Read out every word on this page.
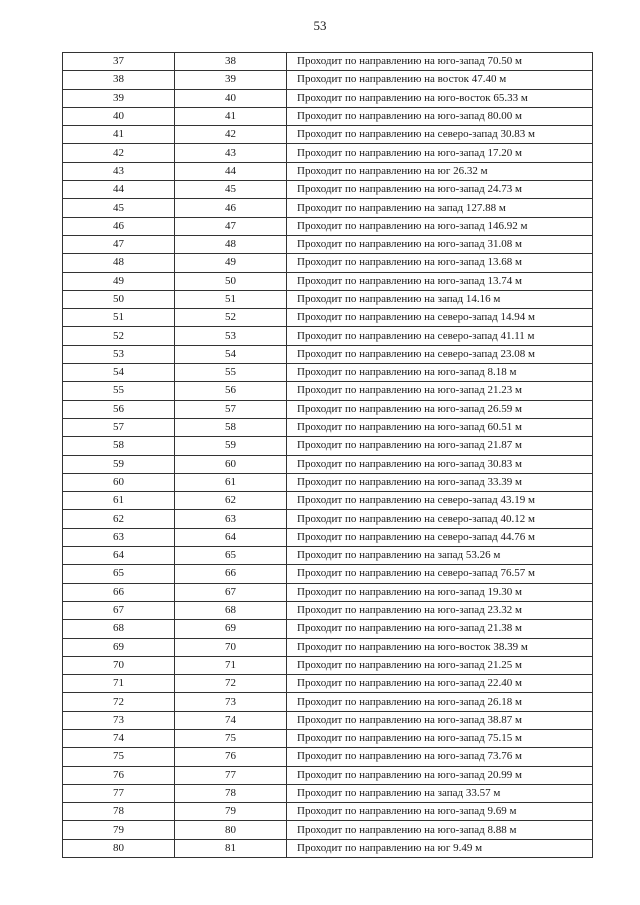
53
37	38	Проходит по направлению на юго-запад 70.50 м
38	39	Проходит по направлению на восток 47.40 м
39	40	Проходит по направлению на юго-восток 65.33 м
40	41	Проходит по направлению на юго-запад 80.00 м
41	42	Проходит по направлению на северо-запад 30.83 м
42	43	Проходит по направлению на юго-запад 17.20 м
43	44	Проходит по направлению на юг 26.32 м
44	45	Проходит по направлению на юго-запад 24.73 м
45	46	Проходит по направлению на запад 127.88 м
46	47	Проходит по направлению на юго-запад 146.92 м
47	48	Проходит по направлению на юго-запад 31.08 м
48	49	Проходит по направлению на юго-запад 13.68 м
49	50	Проходит по направлению на юго-запад 13.74 м
50	51	Проходит по направлению на запад 14.16 м
51	52	Проходит по направлению на северо-запад 14.94 м
52	53	Проходит по направлению на северо-запад 41.11 м
53	54	Проходит по направлению на северо-запад 23.08 м
54	55	Проходит по направлению на юго-запад 8.18 м
55	56	Проходит по направлению на юго-запад 21.23 м
56	57	Проходит по направлению на юго-запад 26.59 м
57	58	Проходит по направлению на юго-запад 60.51 м
58	59	Проходит по направлению на юго-запад 21.87 м
59	60	Проходит по направлению на юго-запад 30.83 м
60	61	Проходит по направлению на юго-запад 33.39 м
61	62	Проходит по направлению на северо-запад 43.19 м
62	63	Проходит по направлению на северо-запад 40.12 м
63	64	Проходит по направлению на северо-запад 44.76 м
64	65	Проходит по направлению на запад 53.26 м
65	66	Проходит по направлению на северо-запад 76.57 м
66	67	Проходит по направлению на юго-запад 19.30 м
67	68	Проходит по направлению на юго-запад 23.32 м
68	69	Проходит по направлению на юго-запад 21.38 м
69	70	Проходит по направлению на юго-восток 38.39 м
70	71	Проходит по направлению на юго-запад 21.25 м
71	72	Проходит по направлению на юго-запад 22.40 м
72	73	Проходит по направлению на юго-запад 26.18 м
73	74	Проходит по направлению на юго-запад 38.87 м
74	75	Проходит по направлению на юго-запад 75.15 м
75	76	Проходит по направлению на юго-запад 73.76 м
76	77	Проходит по направлению на юго-запад 20.99 м
77	78	Проходит по направлению на запад 33.57 м
78	79	Проходит по направлению на юго-запад 9.69 м
79	80	Проходит по направлению на юго-запад 8.88 м
80	81	Проходит по направлению на юг 9.49 м
